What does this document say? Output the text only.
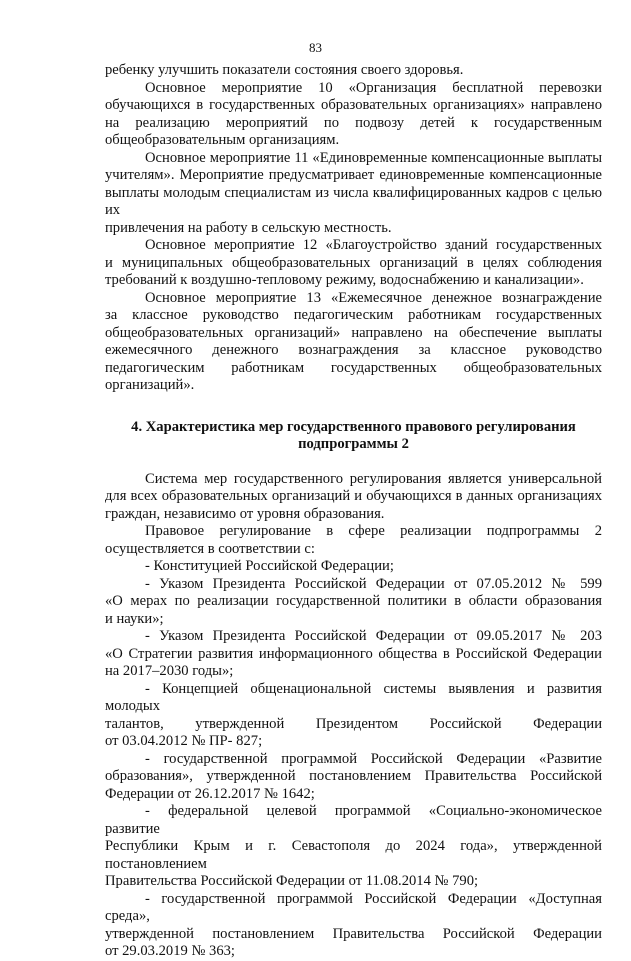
83
ребенку улучшить показатели состояния своего здоровья.
Основное мероприятие 10 «Организация бесплатной перевозки
обучающихся в государственных образовательных организациях» направлено
на реализацию мероприятий по подвозу детей к государственным
общеобразовательным организациям.
Основное мероприятие 11 «Единовременные компенсационные выплаты
учителям». Мероприятие предусматривает единовременные компенсационные
выплаты молодым специалистам из числа квалифицированных кадров с целью их
привлечения на работу в сельскую местность.
Основное мероприятие 12 «Благоустройство зданий государственных
и муниципальных общеобразовательных организаций в целях соблюдения
требований к воздушно-тепловому режиму, водоснабжению и канализации».
Основное мероприятие 13 «Ежемесячное денежное вознаграждение
за классное руководство педагогическим работникам государственных
общеобразовательных организаций» направлено на обеспечение выплаты
ежемесячного денежного вознаграждения за классное руководство
педагогическим работникам государственных общеобразовательных
организаций».
4. Характеристика мер государственного правового регулирования
подпрограммы 2
Система мер государственного регулирования является универсальной
для всех образовательных организаций и обучающихся в данных организациях
граждан, независимо от уровня образования.
Правовое регулирование в сфере реализации подпрограммы 2
осуществляется в соответствии с:
- Конституцией Российской Федерации;
- Указом Президента Российской Федерации от 07.05.2012 № 599
«О мерах по реализации государственной политики в области образования
и науки»;
- Указом Президента Российской Федерации от 09.05.2017 № 203
«О Стратегии развития информационного общества в Российской Федерации
на 2017–2030 годы»;
- Концепцией общенациональной системы выявления и развития молодых
талантов, утвержденной Президентом Российской Федерации
от 03.04.2012 № ПР- 827;
- государственной программой Российской Федерации «Развитие
образования», утвержденной постановлением Правительства Российской
Федерации от 26.12.2017 № 1642;
- федеральной целевой программой «Социально-экономическое развитие
Республики Крым и г. Севастополя до 2024 года», утвержденной постановлением
Правительства Российской Федерации от 11.08.2014 № 790;
- государственной программой Российской Федерации «Доступная среда»,
утвержденной постановлением Правительства Российской Федерации
от 29.03.2019 № 363;
